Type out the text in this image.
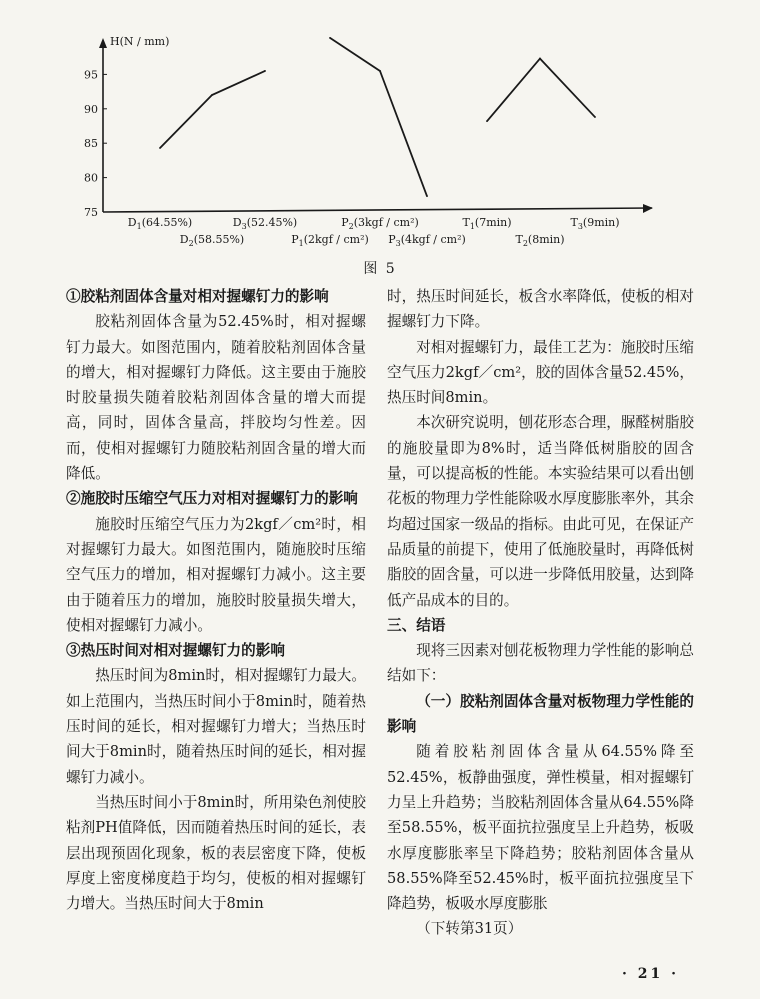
H(N / mm)
75
80
85
90
95
$D_1(64.55\%)$	$D_3(52.45\%)$	$P_2(3kgf / cm^2)$	$T_1(7\min)$	$T_3(9\min)$
$D_2(58.55\%)$	$P_1(2kgf / cm^2)$ $P_3(4kgf / cm^2)$	$T_2(8\min)$
图 5

①胶粘剂固体含量对相对握螺钉力的影响

胶粘剂固体含量为52.45%时，相对握螺钉力最大。如图范围内，随着胶粘剂固体含量的增大，相对握螺钉力降低。这主要由于施胶时胶量损失随着胶粘剂固体含量的增大而提高，同时，固体含量高，拌胶均匀性差。因而，使相对握螺钉力随胶粘剂固含量的增大而降低。

②施胶时压缩空气压力对相对握螺钉力的影响

施胶时压缩空气压力为2kgf／cm²时，相对握螺钉力最大。如图范围内，随施胶时压缩空气压力的增加，相对握螺钉力减小。这主要由于随着压力的增加，施胶时胶量损失增大，使相对握螺钉力减小。

③热压时间对相对握螺钉力的影响

热压时间为8min时，相对握螺钉力最大。如上范围内，当热压时间小于8min时，随着热压时间的延长，相对握螺钉力增大；当热压时间大于8min时，随着热压时间的延长，相对握螺钉力减小。

当热压时间小于8min时，所用染色剂使胶粘剂PH值降低，因而随着热压时间的延长，表层出现预固化现象，板的表层密度下降，使板厚度上密度梯度趋于均匀，使板的相对握螺钉力增大。当热压时间大于8min

时，热压时间延长，板含水率降低，使板的相对握螺钉力下降。

对相对握螺钉力，最佳工艺为：施胶时压缩空气压力2kgf／cm²，胶的固体含量52.45%，热压时间8min。

本次研究说明，刨花形态合理，脲醛树脂胶的施胶量即为8%时，适当降低树脂胶的固含量，可以提高板的性能。本实验结果可以看出刨花板的物理力学性能除吸水厚度膨胀率外，其余均超过国家一级品的指标。由此可见，在保证产品质量的前提下，使用了低施胶量时，再降低树脂胶的固含量，可以进一步降低用胶量，达到降低产品成本的目的。

三、结语

现将三因素对刨花板物理力学性能的影响总结如下：

（一）胶粘剂固体含量对板物理力学性能的影响

随着胶粘剂固体含量从64.55%降至52.45%，板静曲强度，弹性模量，相对握螺钉力呈上升趋势；当胶粘剂固体含量从64.55%降至58.55%，板平面抗拉强度呈上升趋势，板吸水厚度膨胀率呈下降趋势；胶粘剂固体含量从58.55%降至52.45%时，板平面抗拉强度呈下降趋势，板吸水厚度膨胀

（下转第31页）

· 21 ·
